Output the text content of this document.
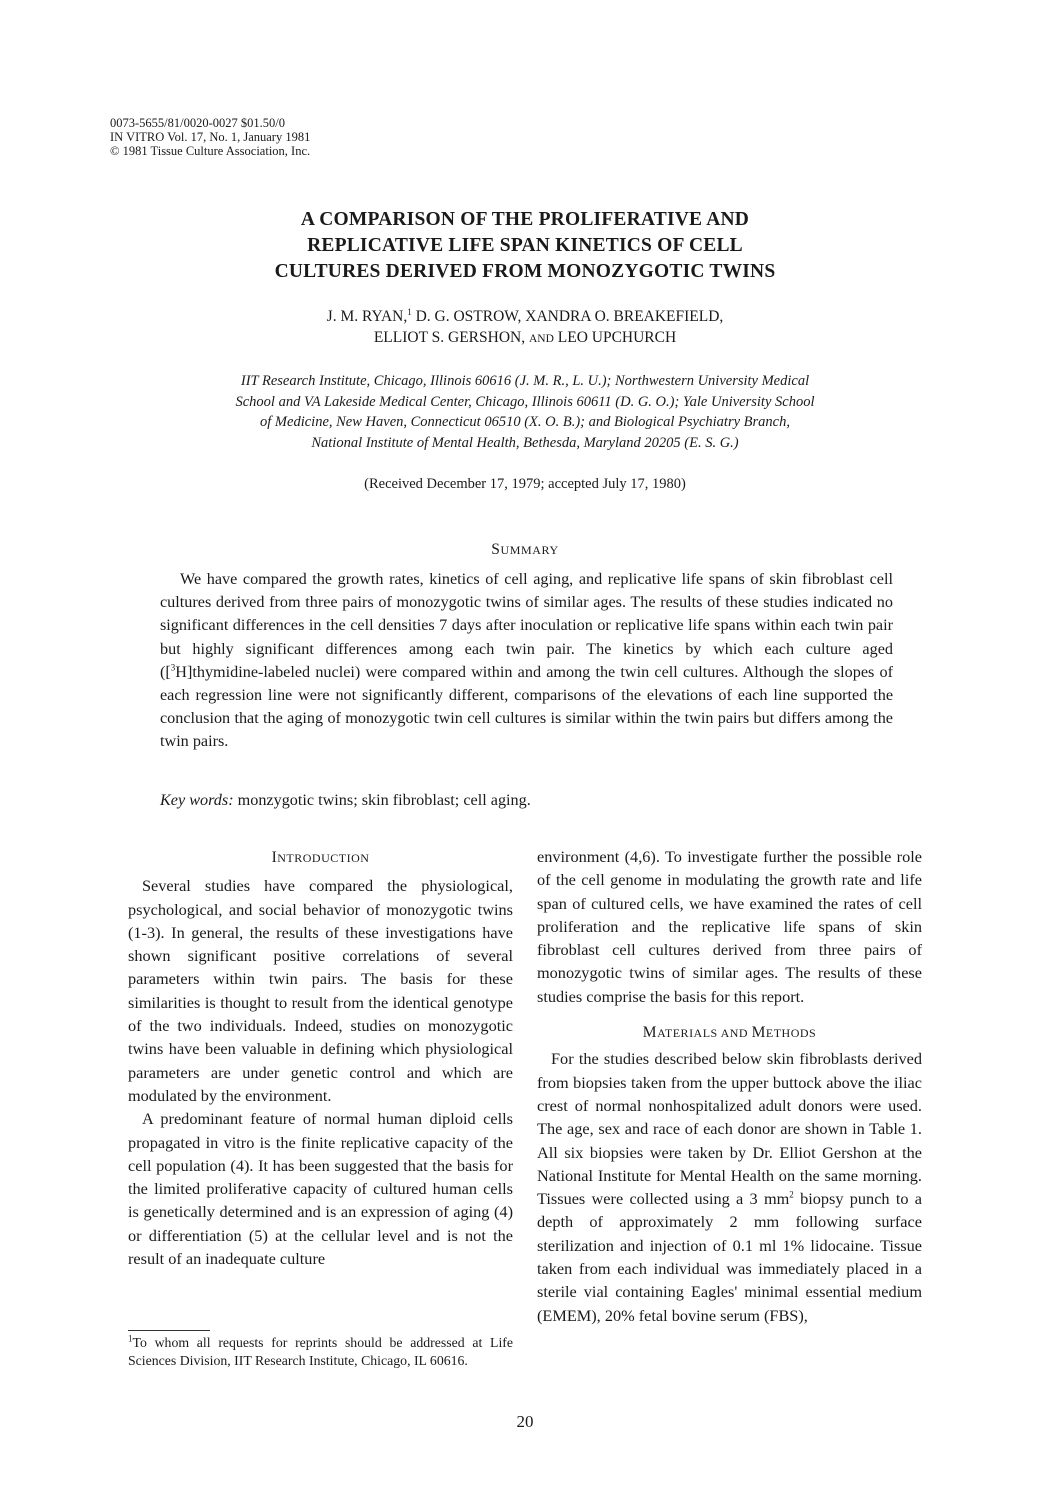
0073-5655/81/0020-0027 $01.50/0
IN VITRO Vol. 17, No. 1, January 1981
© 1981 Tissue Culture Association, Inc.
A COMPARISON OF THE PROLIFERATIVE AND
REPLICATIVE LIFE SPAN KINETICS OF CELL
CULTURES DERIVED FROM MONOZYGOTIC TWINS
J. M. RYAN,$^1$ D. G. OSTROW, XANDRA O. BREAKEFIELD,
ELLIOT S. GERSHON, AND LEO UPCHURCH
IIT Research Institute, Chicago, Illinois 60616 (J. M. R., L. U.); Northwestern University Medical
School and VA Lakeside Medical Center, Chicago, Illinois 60611 (D. G. O.); Yale University School
of Medicine, New Haven, Connecticut 06510 (X. O. B.); and Biological Psychiatry Branch,
National Institute of Mental Health, Bethesda, Maryland 20205 (E. S. G.)
(Received December 17, 1979; accepted July 17, 1980)
SUMMARY

We have compared the growth rates, kinetics of cell aging, and replicative life spans of skin fibroblast cell cultures derived from three pairs of monozygotic twins of similar ages. The results of these studies indicated no significant differences in the cell densities 7 days after inoculation or replicative life spans within each twin pair but highly significant differences among each twin pair. The kinetics by which each culture aged ([$^3$H]thymidine-labeled nuclei) were compared within and among the twin cell cultures. Although the slopes of each regression line were not significantly different, comparisons of the elevations of each line supported the conclusion that the aging of monozygotic twin cell cultures is similar within the twin pairs but differs among the twin pairs.

Key words: monzygotic twins; skin fibroblast; cell aging.

INTRODUCTION

Several studies have compared the physiological, psychological, and social behavior of monozygotic twins (1-3). In general, the results of these investigations have shown significant positive correlations of several parameters within twin pairs. The basis for these similarities is thought to result from the identical genotype of the two individuals. Indeed, studies on monozygotic twins have been valuable in defining which physiological parameters are under genetic control and which are modulated by the environment.

A predominant feature of normal human diploid cells propagated in vitro is the finite replicative capacity of the cell population (4). It has been suggested that the basis for the limited proliferative capacity of cultured human cells is genetically determined and is an expression of aging (4) or differentiation (5) at the cellular level and is not the result of an inadequate culture

environment (4,6). To investigate further the possible role of the cell genome in modulating the growth rate and life span of cultured cells, we have examined the rates of cell proliferation and the replicative life spans of skin fibroblast cell cultures derived from three pairs of monozygotic twins of similar ages. The results of these studies comprise the basis for this report.

MATERIALS AND METHODS

For the studies described below skin fibroblasts derived from biopsies taken from the upper buttock above the iliac crest of normal nonhospitalized adult donors were used. The age, sex and race of each donor are shown in Table 1. All six biopsies were taken by Dr. Elliot Gershon at the National Institute for Mental Health on the same morning. Tissues were collected using a 3 $mm^2$ biopsy punch to a depth of approximately 2 mm following surface sterilization and injection of 0.1 ml 1% lidocaine. Tissue taken from each individual was immediately placed in a sterile vial containing Eagles' minimal essential medium (EMEM), 20% fetal bovine serum (FBS),

$^1$To whom all requests for reprints should be addressed at Life Sciences Division, IIT Research Institute, Chicago, IL 60616.
20
